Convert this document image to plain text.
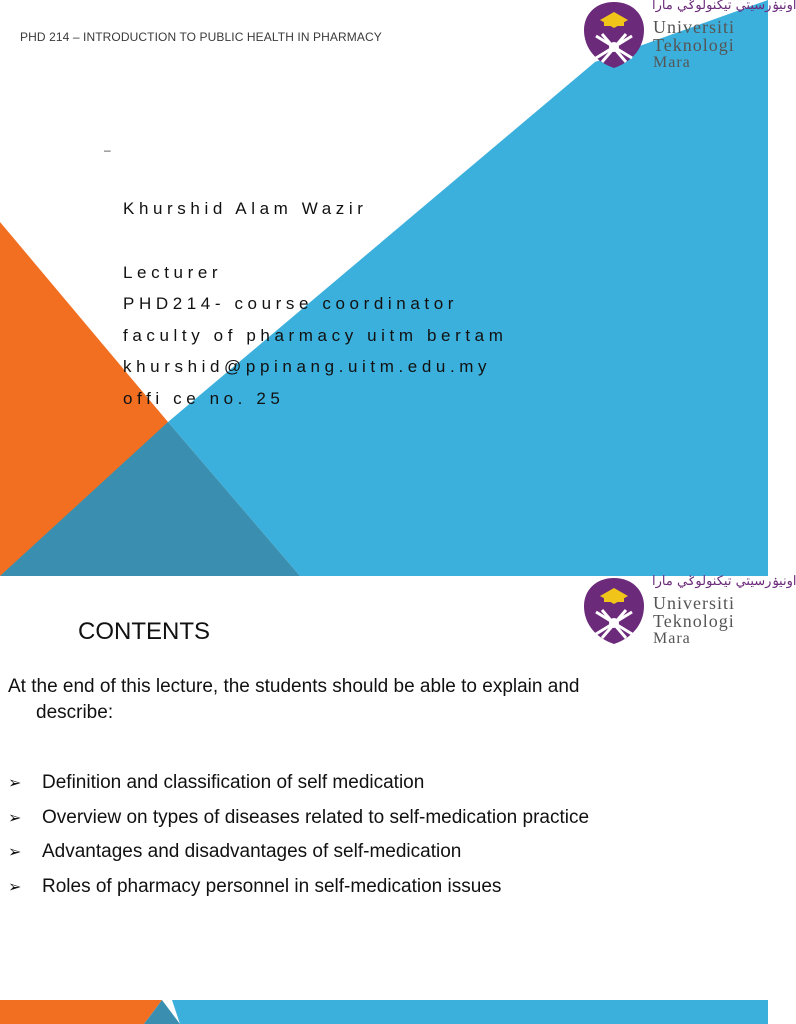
PHD 214 – INTRODUCTION TO PUBLIC HEALTH IN PHARMACY
اونيۏرسيتي تيکنولوݢي مارا
Universiti
Teknologi
Mara
–
Khurshid Alam Wazir
Lecturer
PHD214- course coordinator
faculty of pharmacy uitm bertam
khurshid@ppinang.uitm.edu.my
offi ce no. 25
اونيۏرسيتي تيکنولوݢي مارا
Universiti
Teknologi
Mara
CONTENTS
At the end of this lecture, the students should be able to explain and
describe:
➢ Definition and classification of self medication
➢ Overview on types of diseases related to self-medication practice
➢ Advantages and disadvantages of self-medication
➢ Roles of pharmacy personnel in self-medication issues
